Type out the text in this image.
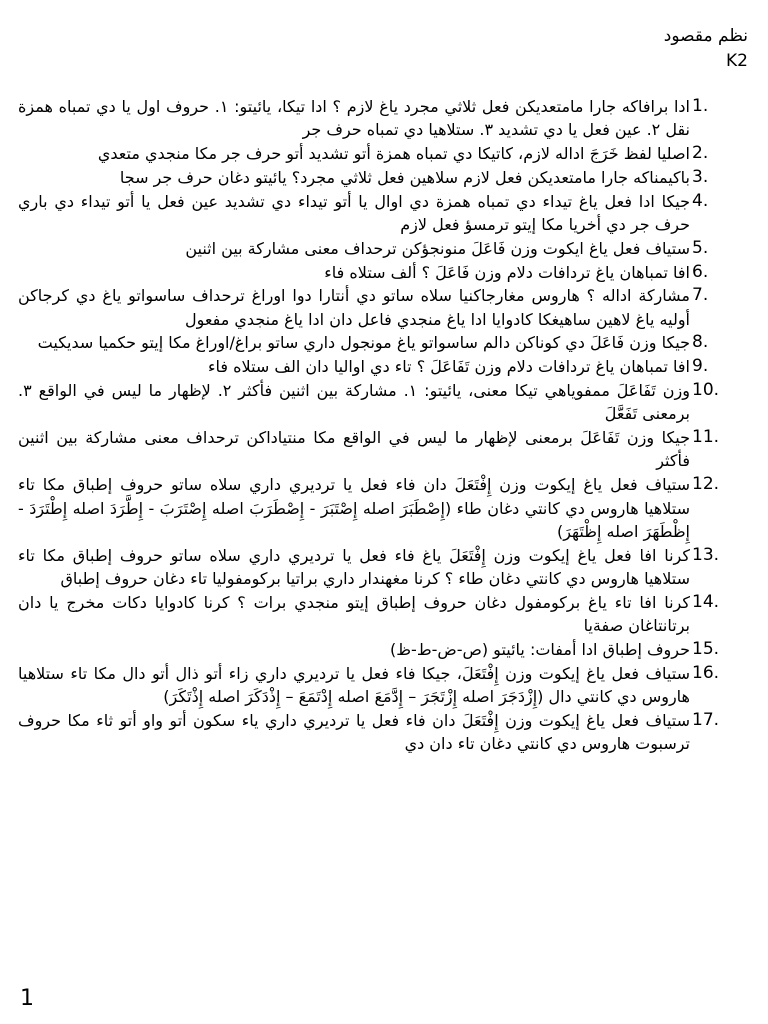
نظم مقصود
K2
1.
ادا برافاكه جارا مامتعديكن فعل ثلاثي مجرد ياغ لازم ؟ ادا تيكا، يائيتو: ١. حروف اول يا دي تمباه همزة نقل ٢. عين فعل يا دي تشديد ٣. ستلاهيا دي تمباه حرف جر
2.
اصليا لفظ خَرَجَ اداله لازم، كاتيكا دي تمباه همزة أتو تشديد أتو حرف جر مكا منجدي متعدي
3.
باكيمناكه جارا مامتعديكن فعل لازم سلاهين فعل ثلاثي مجرد؟ يائيتو دغان حرف جر سجا
4.
جيكا ادا فعل ياغ تيداء دي تمباه همزة دي اوال يا أتو تيداء دي تشديد عين فعل يا أتو تيداء دي باري حرف جر دي أخريا مكا إيتو ترمسؤ فعل لازم
5.
ستياف فعل ياغ ايكوت وزن فَاعَلَ منونجؤكن ترحداف معنى مشاركة بين اثنين
6.
افا تمباهان ياغ تردافات دلام وزن فَاعَلَ ؟ ألف ستلاه فاء
7.
مشاركة اداله ؟ هاروس مغارجاكنيا سلاه ساتو دي أنتارا دوا اوراغ ترحداف ساسواتو ياغ دي كرجاكن أوليه ياغ لاهين ساهيغكا كادوايا ادا ياغ منجدي فاعل دان ادا ياغ منجدي مفعول
8.
جيكا وزن فَاعَلَ دي كوناكن دالم ساسواتو ياغ مونجول داري ساتو براغ/اوراغ مكا إيتو حكميا سديكيت
9.
افا تمباهان ياغ تردافات دلام وزن تَفَاعَلَ ؟ تاء دي اواليا دان الف ستلاه فاء
10.
وزن تَفَاعَلَ ممفوياهي تيكا معنى، يائيتو: ١. مشاركة بين اثنين فأكثر ٢. لإظهار ما ليس في الواقع ٣. برمعنى تَفَعَّلَ
11.
جيكا وزن تَفَاعَلَ برمعنى لإظهار ما ليس في الواقع مكا منتياداكن ترحداف معنى مشاركة بين اثنين فأكثر
12.
ستياف فعل ياغ إيكوت وزن إِفْتَعَلَ دان فاء فعل يا ترديري داري سلاه ساتو حروف إطباق مكا تاء ستلاهيا هاروس دي كانتي دغان طاء (إِصْطَبَرَ اصله إِصْتَبَرَ - إِصْطَرَبَ اصله إِصْتَرَبَ - إِطَّرَدَ اصله إِطْتَرَدَ - إِظْطَهَرَ اصله إِظْتَهَرَ)
13.
كرنا افا فعل ياغ إيكوت وزن إِفْتَعَلَ ياغ فاء فعل يا ترديري داري سلاه ساتو حروف إطباق مكا تاء ستلاهيا هاروس دي كانتي دغان طاء ؟ كرنا مغهندار داري براتيا بركومفوليا تاء دغان حروف إطباق
14.
كرنا افا تاء ياغ بركومفول دغان حروف إطباق إيتو منجدي برات ؟ كرنا كادوايا دكات مخرج يا دان برتانتاغان صفةيا
15.
حروف إطباق ادا أمفات: يائيتو (ص-ض-ط-ظ)
16.
ستياف فعل ياغ إيكوت وزن إِفْتَعَلَ، جيكا فاء فعل يا ترديري داري زاء أتو ذال أتو دال مكا تاء ستلاهيا هاروس دي كانتي دال (إِزْدَجَرَ اصله إِزْتَجَرَ – إِدَّمَعَ اصله إِدْتَمَعَ – إِذْدَكَرَ اصله إِذْتَكَرَ)
17.
ستياف فعل ياغ إيكوت وزن إِفْتَعَلَ دان فاء فعل يا ترديري داري ياء سكون أتو واو أتو ثاء مكا حروف ترسبوت هاروس دي كانتي دغان تاء دان دي
1
